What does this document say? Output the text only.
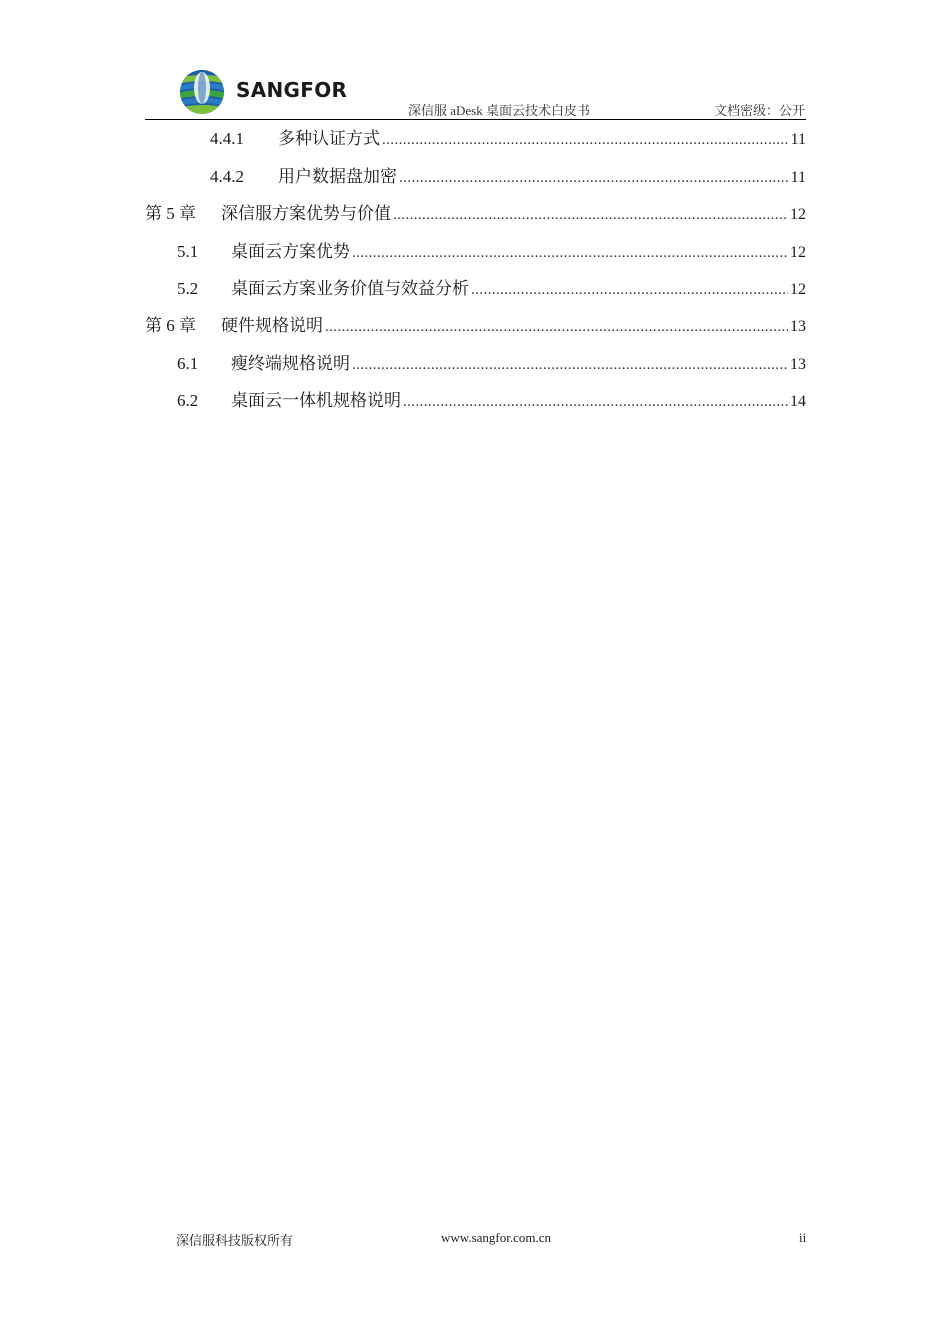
SANGFOR
深信服 aDesk 桌面云技术白皮书	文档密级：公开
4.4.1	多种认证方式 .....	11
4.4.2	用户数据盘加密 .....	11
第 5 章	深信服方案优势与价值 .....	12
5.1	桌面云方案优势 .....	12
5.2	桌面云方案业务价值与效益分析 .....	12
第 6 章	硬件规格说明 .....	13
6.1	瘦终端规格说明 .....	13
6.2	桌面云一体机规格说明 .....	14
深信服科技版权所有	www.sangfor.com.cn	ii
